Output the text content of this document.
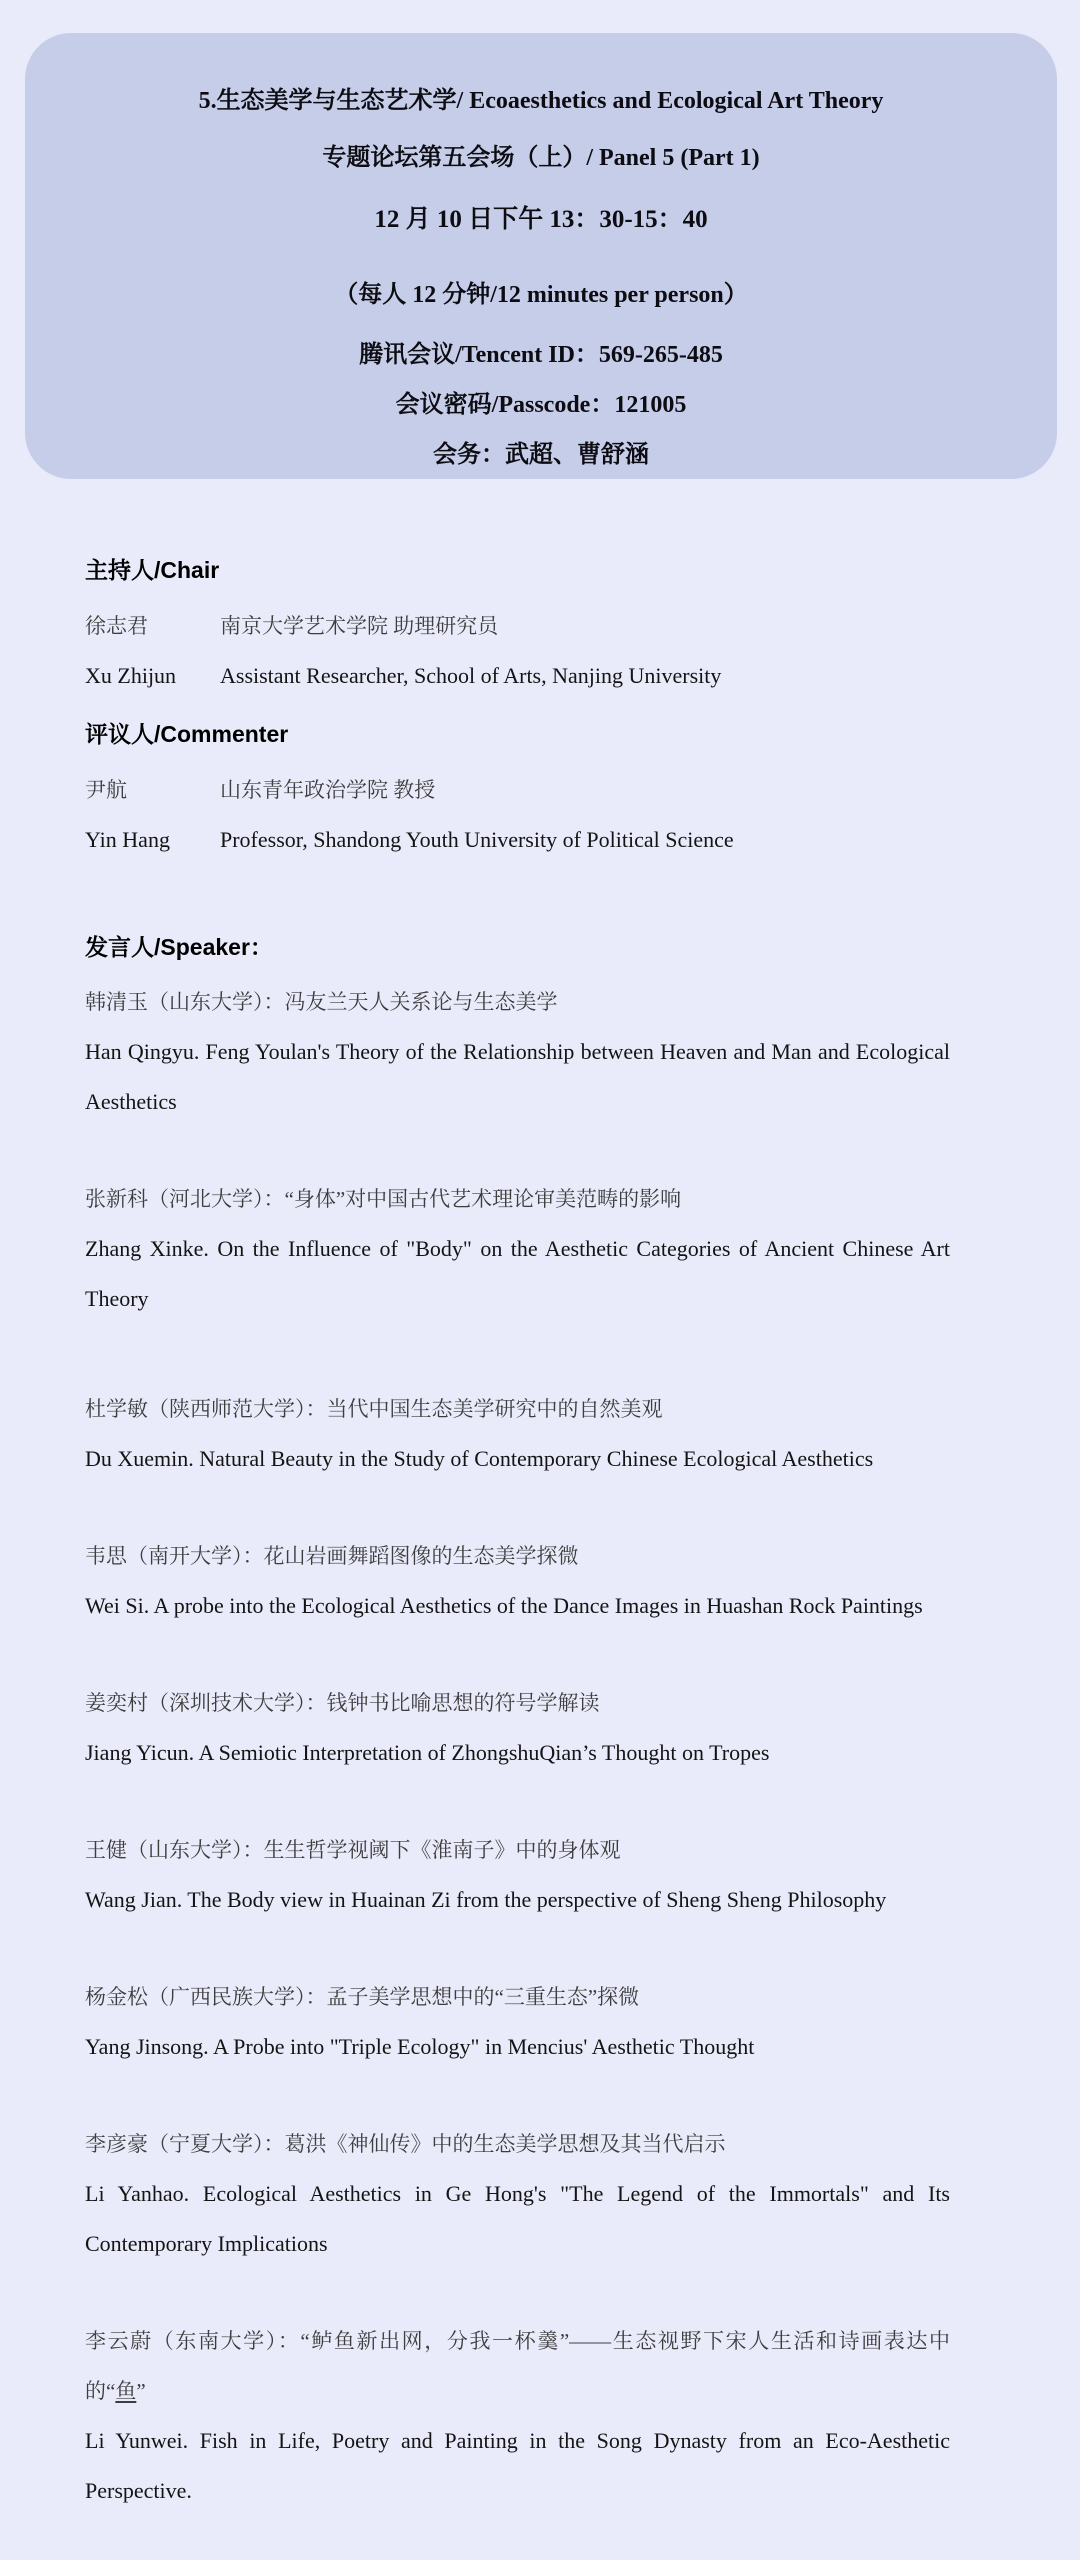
5.生态美学与生态艺术学/ Ecoaesthetics and Ecological Art Theory
专题论坛第五会场（上）/ Panel 5 (Part 1)
12 月 10 日下午 13：30-15：40
（每人 12 分钟/12 minutes per person）
腾讯会议/Tencent ID：569-265-485
会议密码/Passcode：121005
会务：武超、曹舒涵
主持人/Chair

徐志君	南京大学艺术学院 助理研究员

Xu Zhijun Assistant Researcher, School of Arts, Nanjing University

评议人/Commenter

尹航	山东青年政治学院 教授

Yin Hang Professor, Shandong Youth University of Political Science

发言人/Speaker：

韩清玉（山东大学）：冯友兰天人关系论与生态美学

Han Qingyu. Feng Youlan's Theory of the Relationship between Heaven and Man and Ecological Aesthetics

张新科（河北大学）：“身体”对中国古代艺术理论审美范畴的影响

Zhang Xinke. On the Influence of "Body" on the Aesthetic Categories of Ancient Chinese Art Theory

杜学敏（陕西师范大学）：当代中国生态美学研究中的自然美观

Du Xuemin. Natural Beauty in the Study of Contemporary Chinese Ecological Aesthetics

韦思（南开大学）：花山岩画舞蹈图像的生态美学探微

Wei Si. A probe into the Ecological Aesthetics of the Dance Images in Huashan Rock Paintings

姜奕村（深圳技术大学）：钱钟书比喻思想的符号学解读

Jiang Yicun. A Semiotic Interpretation of ZhongshuQian’s Thought on Tropes

王健（山东大学）：生生哲学视阈下《淮南子》中的身体观

Wang Jian. The Body view in Huainan Zi from the perspective of Sheng Sheng Philosophy

杨金松（广西民族大学）：孟子美学思想中的“三重生态”探微

Yang Jinsong. A Probe into "Triple Ecology" in Mencius' Aesthetic Thought

李彦豪（宁夏大学）：葛洪《神仙传》中的生态美学思想及其当代启示

Li Yanhao. Ecological Aesthetics in Ge Hong's "The Legend of the Immortals" and Its Contemporary Implications

李云蔚（东南大学）：“鲈鱼新出网，分我一杯羹”——生态视野下宋人生活和诗画表达中的“鱼”

Li Yunwei. Fish in Life, Poetry and Painting in the Song Dynasty from an Eco-Aesthetic Perspective.
